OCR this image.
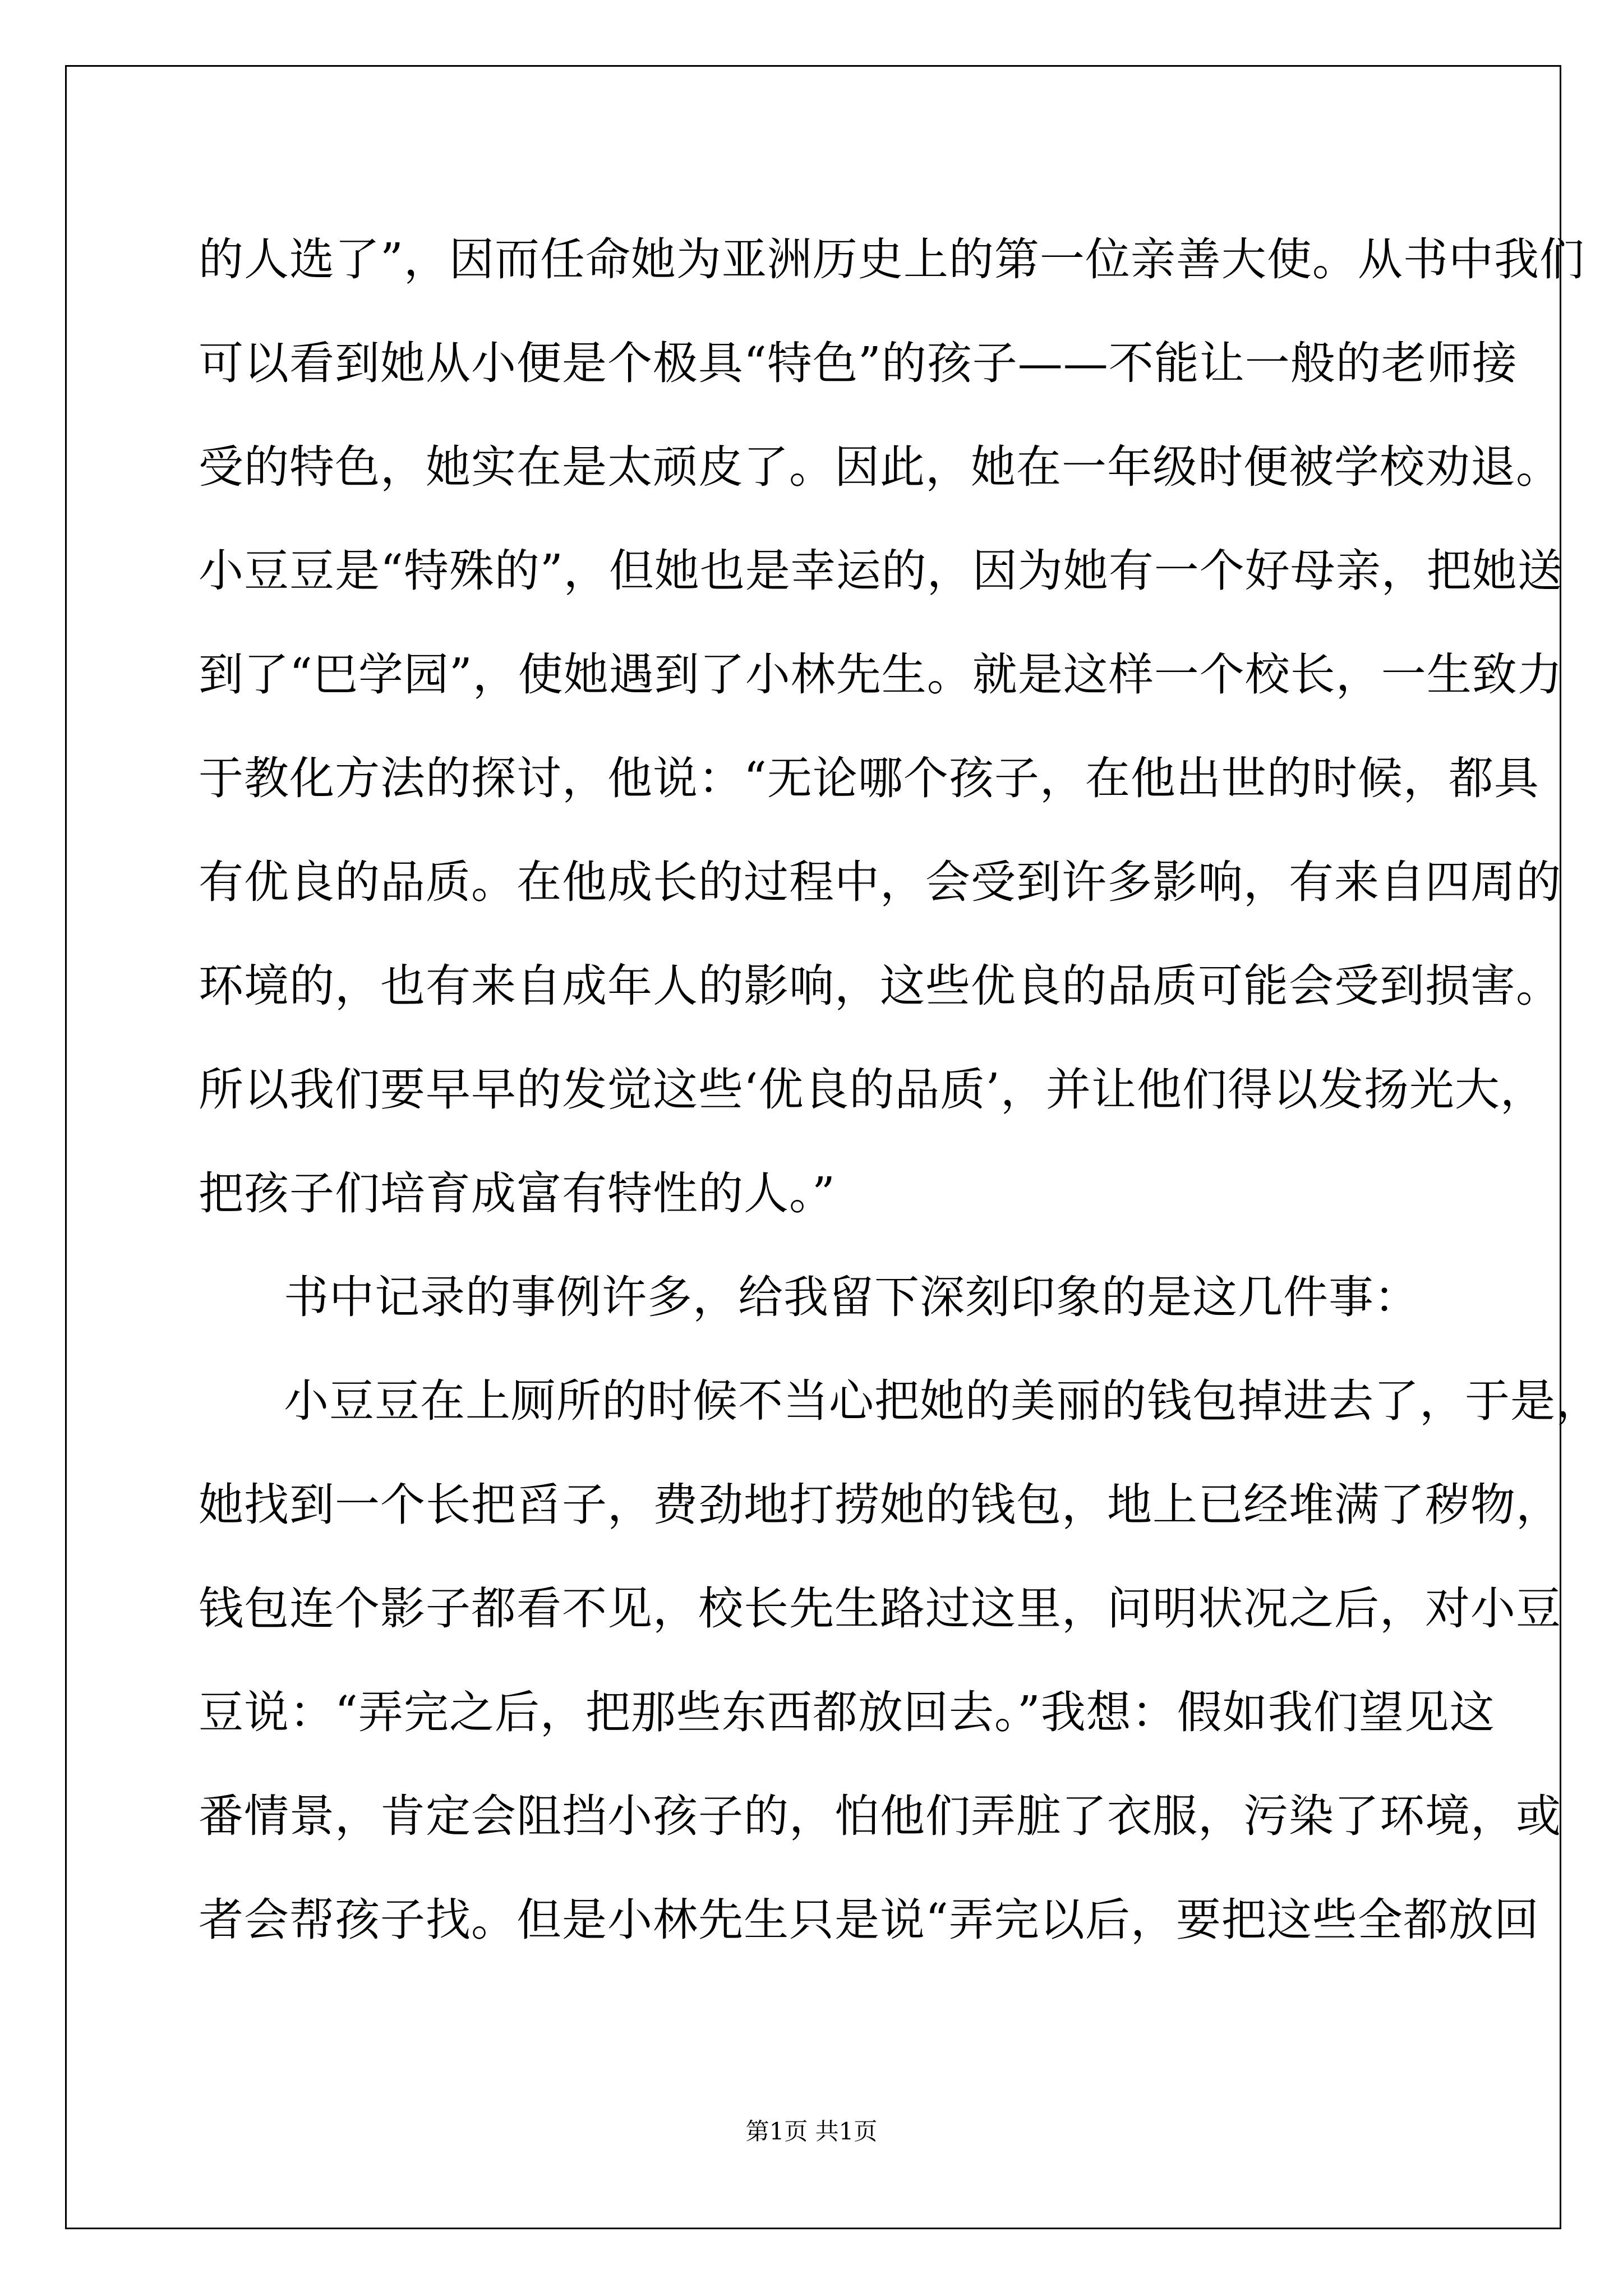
的人选了”，因而任命她为亚洲历史上的第一位亲善大使。从书中我们
可以看到她从小便是个极具“特色”的孩子——不能让一般的老师接
受的特色，她实在是太顽皮了。因此，她在一年级时便被学校劝退。
小豆豆是“特殊的”，但她也是幸运的，因为她有一个好母亲，把她送
到了“巴学园”，使她遇到了小林先生。就是这样一个校长，一生致力
于教化方法的探讨，他说：“无论哪个孩子，在他出世的时候，都具
有优良的品质。在他成长的过程中，会受到许多影响，有来自四周的
环境的，也有来自成年人的影响，这些优良的品质可能会受到损害。
所以我们要早早的发觉这些‘优良的品质’，并让他们得以发扬光大，
把孩子们培育成富有特性的人。”
书中记录的事例许多，给我留下深刻印象的是这几件事：
小豆豆在上厕所的时候不当心把她的美丽的钱包掉进去了，于是，
她找到一个长把舀子，费劲地打捞她的钱包，地上已经堆满了秽物，
钱包连个影子都看不见，校长先生路过这里，问明状况之后，对小豆
豆说：“弄完之后，把那些东西都放回去。”我想：假如我们望见这
番情景，肯定会阻挡小孩子的，怕他们弄脏了衣服，污染了环境，或
者会帮孩子找。但是小林先生只是说“弄完以后，要把这些全都放回
第1页 共1页
